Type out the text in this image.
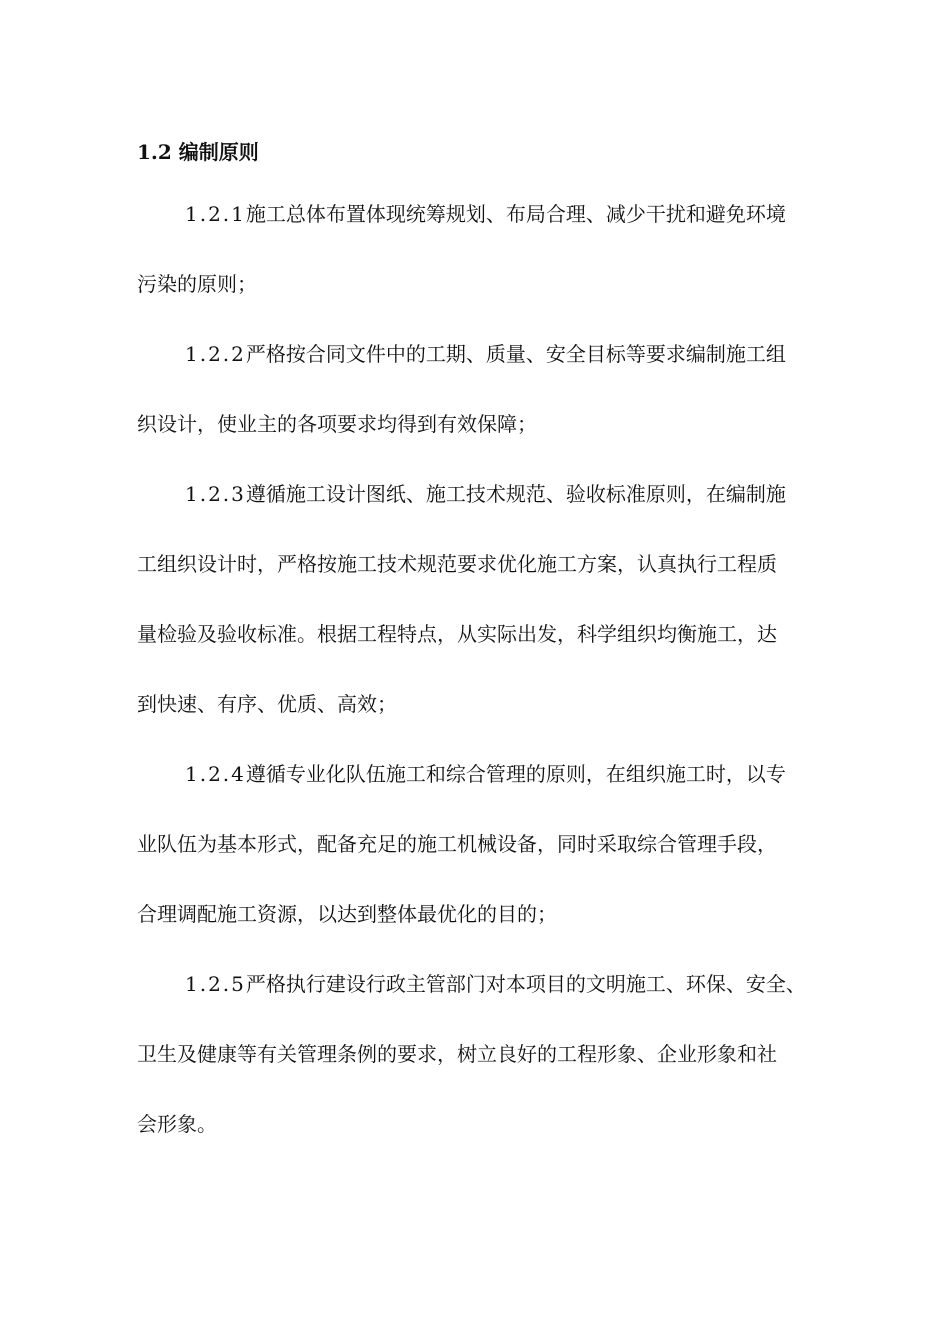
1.2 编制原则
1.2.1施工总体布置体现统筹规划、布局合理、减少干扰和避免环境
污染的原则；
1.2.2严格按合同文件中的工期、质量、安全目标等要求编制施工组
织设计，使业主的各项要求均得到有效保障；
1.2.3遵循施工设计图纸、施工技术规范、验收标准原则，在编制施
工组织设计时，严格按施工技术规范要求优化施工方案，认真执行工程质
量检验及验收标准。根据工程特点，从实际出发，科学组织均衡施工，达
到快速、有序、优质、高效；
1.2.4遵循专业化队伍施工和综合管理的原则，在组织施工时，以专
业队伍为基本形式，配备充足的施工机械设备，同时采取综合管理手段，
合理调配施工资源，以达到整体最优化的目的；
1.2.5严格执行建设行政主管部门对本项目的文明施工、环保、安全、
卫生及健康等有关管理条例的要求，树立良好的工程形象、企业形象和社
会形象。
